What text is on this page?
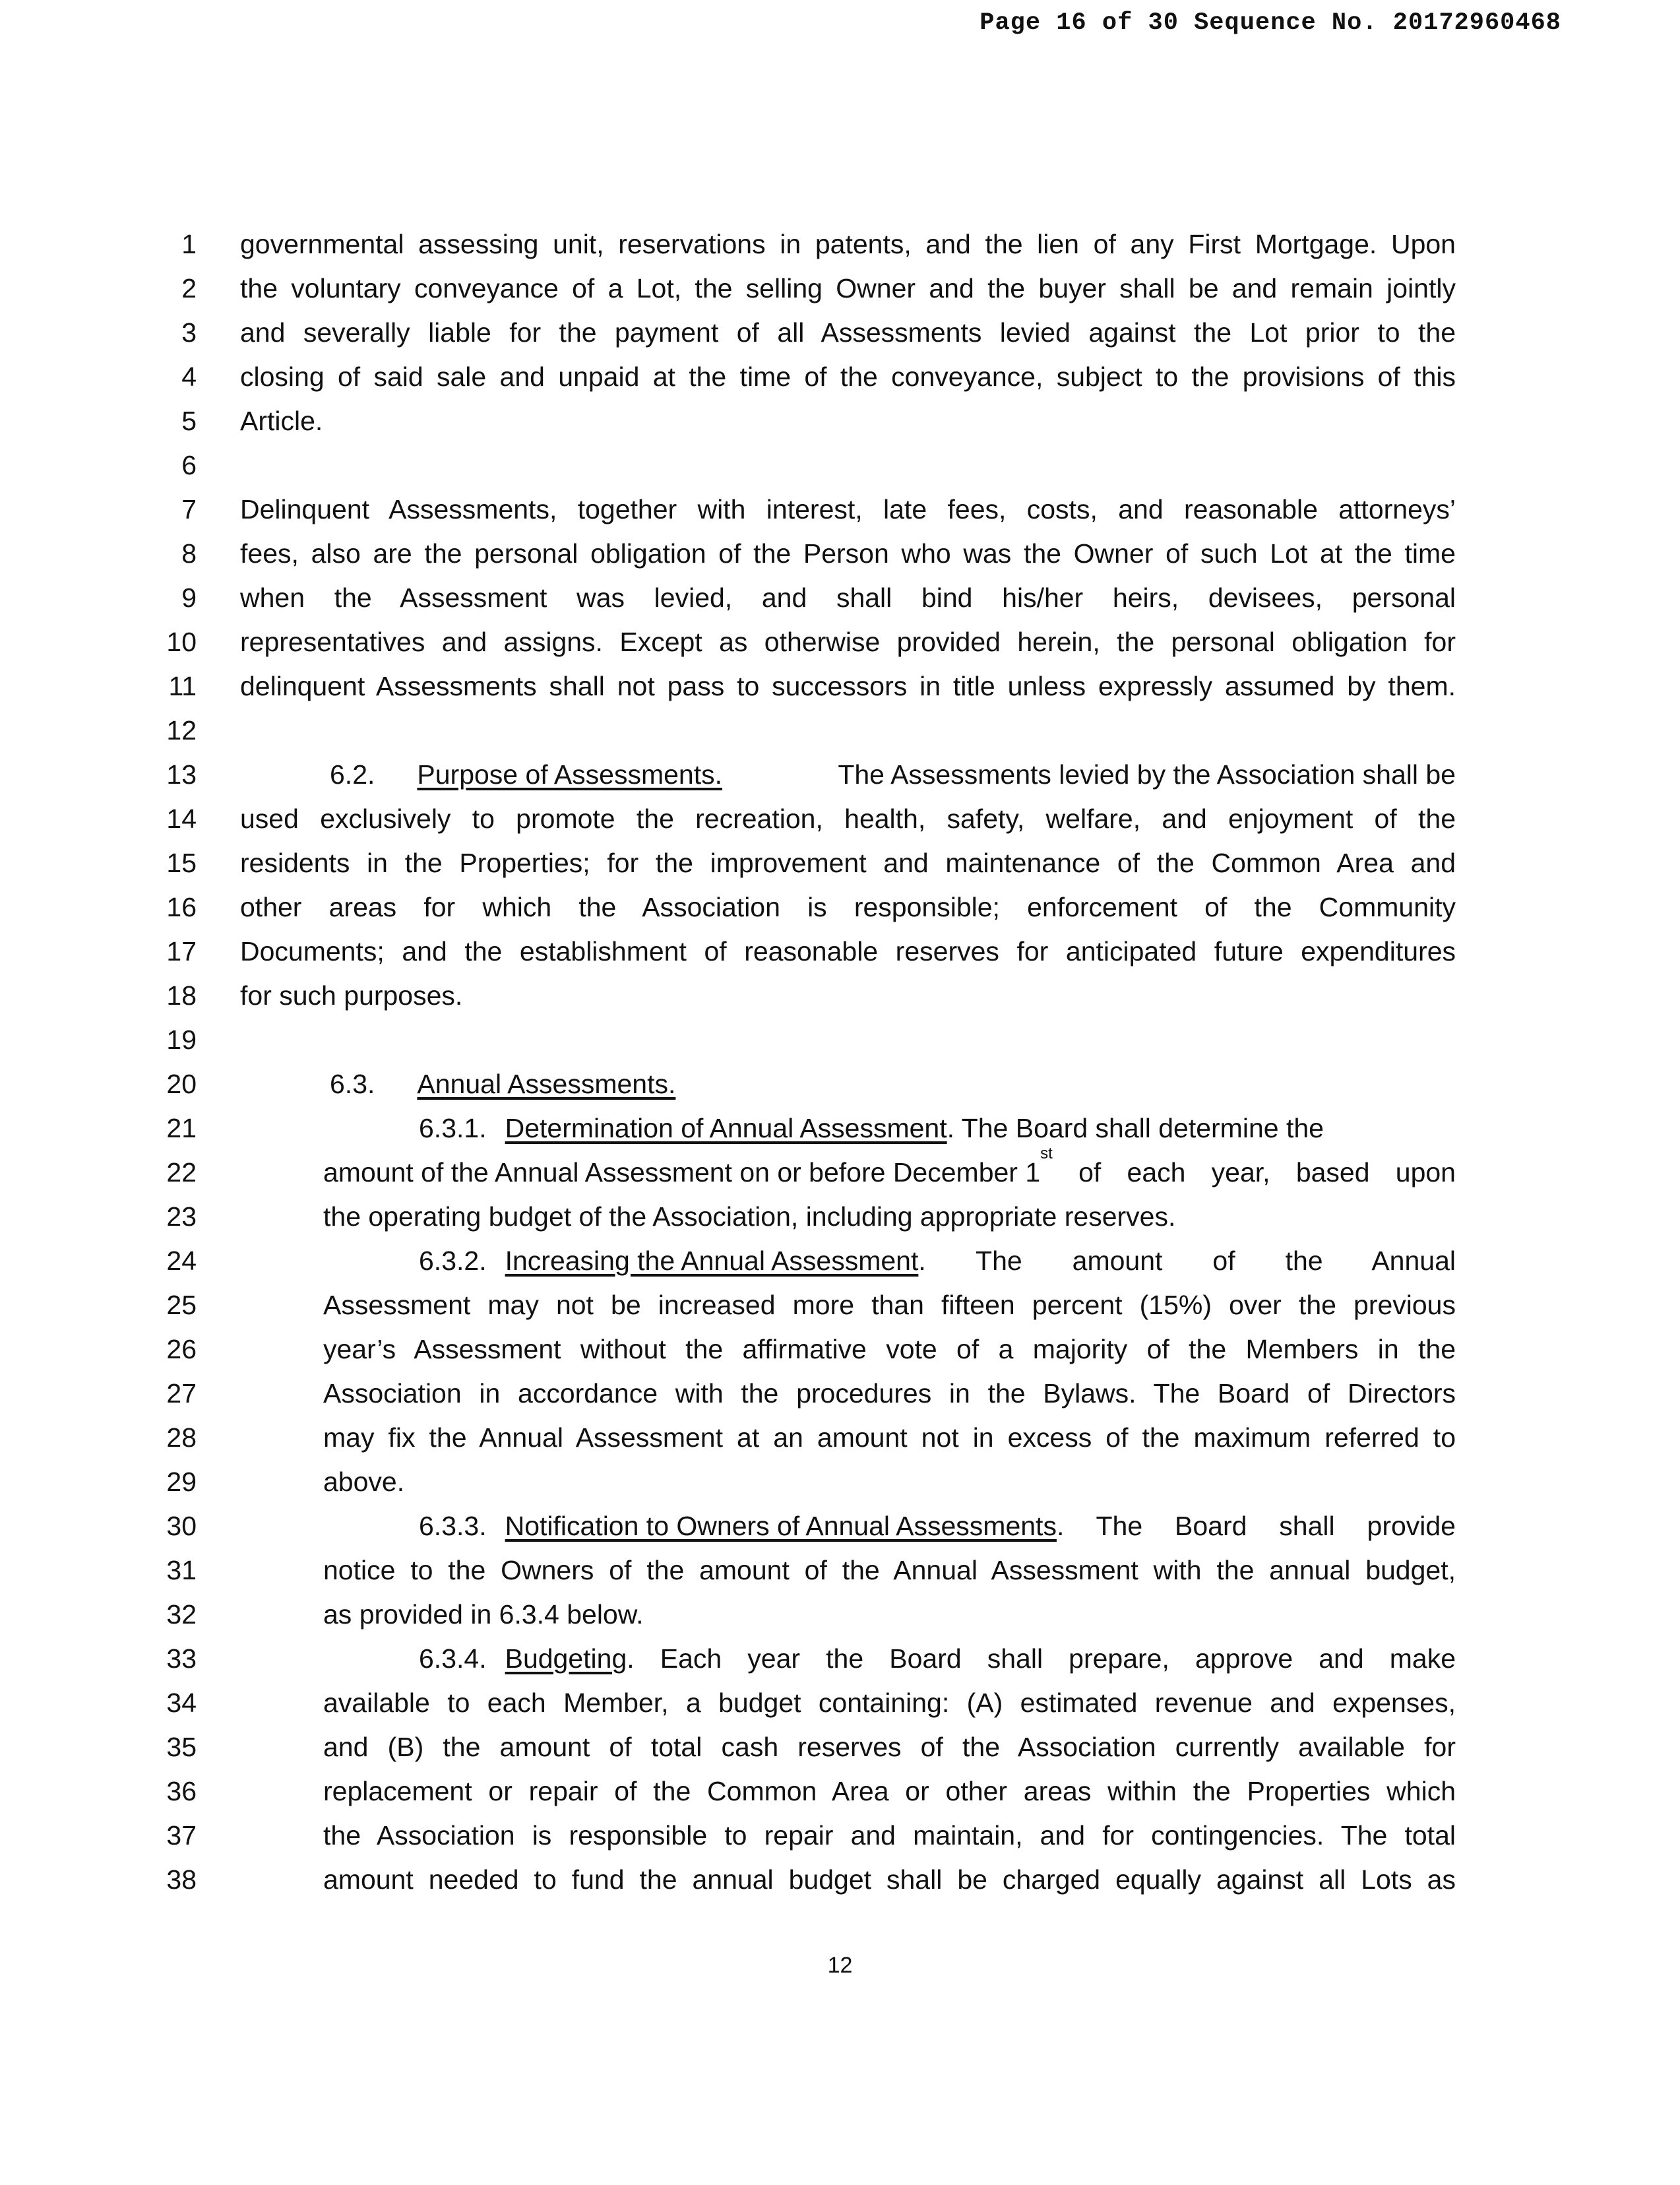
Page 16 of 30 Sequence No. 20172960468
1
2
3
4
5
6
7
8
9
10
11
12
13
14
15
16
17
18
19
20
21
22
23
24
25
26
27
28
29
30
31
32
33
34
35
36
37
38
governmental assessing unit, reservations in patents, and the lien of any First Mortgage. Upon
the voluntary conveyance of a Lot, the selling Owner and the buyer shall be and remain jointly
and severally liable for the payment of all Assessments levied against the Lot prior to the
closing of said sale and unpaid at the time of the conveyance, subject to the provisions of this
Article.
Delinquent Assessments, together with interest, late fees, costs, and reasonable attorneys’
fees, also are the personal obligation of the Person who was the Owner of such Lot at the time
when the Assessment was levied, and shall bind his/her heirs, devisees, personal
representatives and assigns. Except as otherwise provided herein, the personal obligation for
delinquent Assessments shall not pass to successors in title unless expressly assumed by them.
6.2. Purpose of Assessments.	The Assessments levied by the Association shall be
used exclusively to promote the recreation, health, safety, welfare, and enjoyment of the
residents in the Properties; for the improvement and maintenance of the Common Area and
other areas for which the Association is responsible; enforcement of the Community
Documents; and the establishment of reasonable reserves for anticipated future expenditures
for such purposes.
6.3. Annual Assessments.
6.3.1. Determination of Annual Assessment. The Board shall determine the
amount of the Annual Assessment on or before December 1
st
of each year, based upon
the operating budget of the Association, including appropriate reserves.
6.3.2. Increasing the Annual Assessment . The amount of the Annual
Assessment may not be increased more than fifteen percent (15%) over the previous
year’s Assessment without the affirmative vote of a majority of the Members in the
Association in accordance with the procedures in the Bylaws. The Board of Directors
may fix the Annual Assessment at an amount not in excess of the maximum referred to
above.
6.3.3. Notification to Owners of Annual Assessments . The Board shall provide
notice to the Owners of the amount of the Annual Assessment with the annual budget,
as provided in 6.3.4 below.
6.3.4. Budgeting . Each year the Board shall prepare, approve and make
available to each Member, a budget containing: (A) estimated revenue and expenses,
and (B) the amount of total cash reserves of the Association currently available for
replacement or repair of the Common Area or other areas within the Properties which
the Association is responsible to repair and maintain, and for contingencies. The total
amount needed to fund the annual budget shall be charged equally against all Lots as
12
